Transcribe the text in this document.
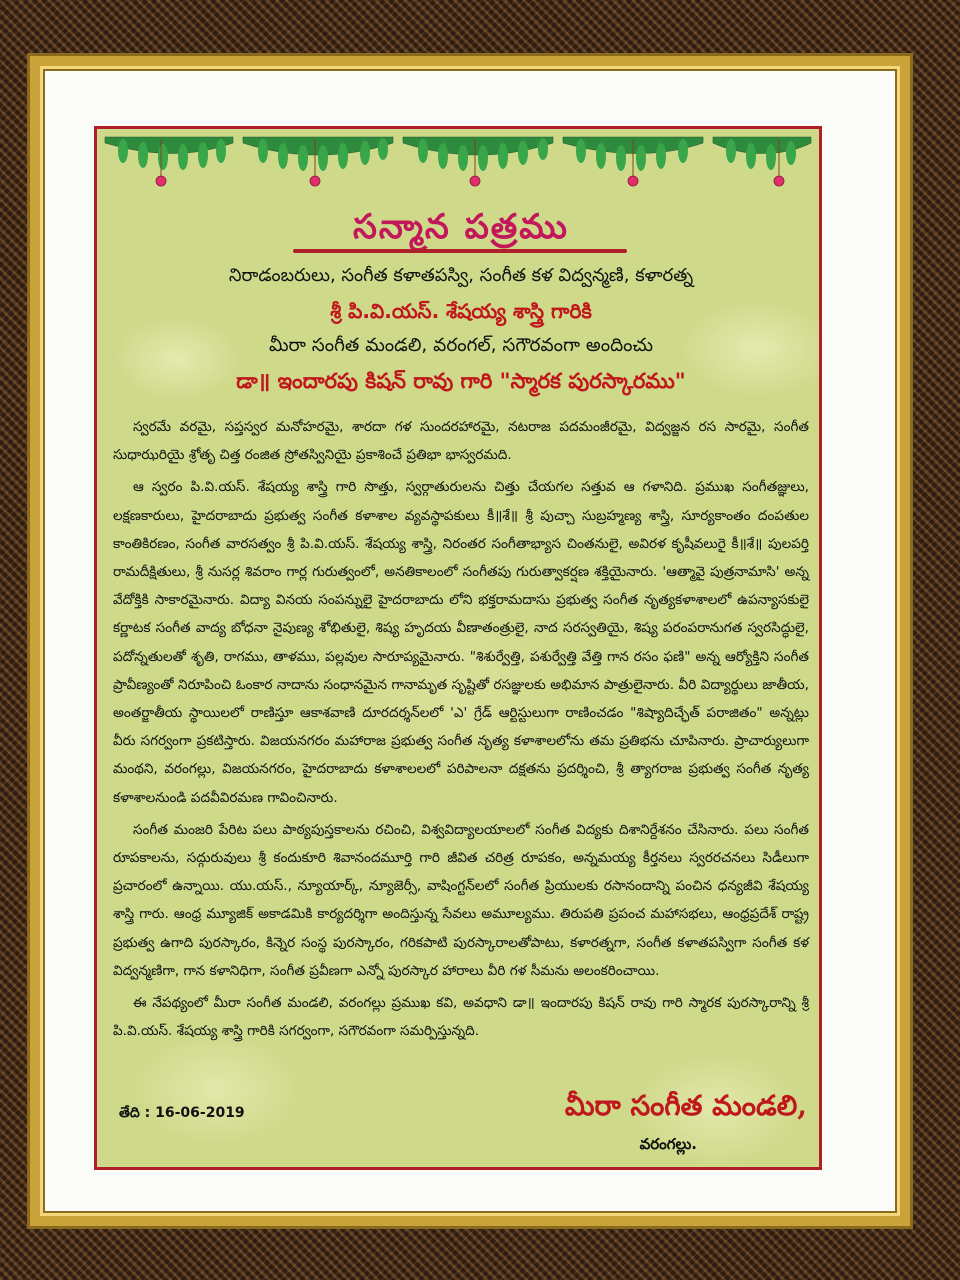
సన్మాన పత్రము
నిరాడంబరులు, సంగీత కళాతపస్వి, సంగీత కళ విద్వన్మణి, కళారత్న
శ్రీ పి.వి.యస్. శేషయ్య శాస్త్రి గారికి
మీరా సంగీత మండలి, వరంగల్, సగౌరవంగా అందించు
డా॥ ఇందారపు కిషన్ రావు గారి "స్మారక పురస్కారము"

స్వరమే వరమై, సప్తస్వర మనోహరమై, శారదా గళ సుందరహారమై, నటరాజ పదమంజీరమై, విద్వజ్జన రస సారమై, సంగీత సుధాఝరియై శ్రోతృ చిత్త రంజిత స్రోతస్వినియై ప్రకాశించే ప్రతిభా భాస్వరమది.

ఆ స్వరం పి.వి.యస్. శేషయ్య శాస్త్రి గారి సొత్తు, స్వర్గాతురులను చిత్తు చేయగల సత్తువ ఆ గళానిది. ప్రముఖ సంగీతజ్ఞులు, లక్షణకారులు, హైదరాబాదు ప్రభుత్వ సంగీత కళాశాల వ్యవస్థాపకులు కీ॥శే॥ శ్రీ పుచ్చా సుబ్రహ్మణ్య శాస్త్రి, సూర్యకాంతం దంపతుల కాంతికిరణం, సంగీత వారసత్వం శ్రీ పి.వి.యస్. శేషయ్య శాస్త్రి, నిరంతర సంగీతాభ్యాస చింతనులై, అవిరళ కృషీవలురై కీ॥శే॥ పులపర్తి రామదీక్షితులు, శ్రీ నుసర్ల శివరాం గార్ల గురుత్వంలో, అనతికాలంలో సంగీతపు గురుత్వాకర్షణ శక్తియైనారు. 'ఆత్మావై పుత్రనామాసి' అన్న వేదోక్తికి సాకారమైనారు. విద్యా వినయ సంపన్నులై హైదరాబాదు లోని భక్తరామదాసు ప్రభుత్వ సంగీత నృత్యకళాశాలలో ఉపన్యాసకులై కర్ణాటక సంగీత వాద్య బోధనా నైపుణ్య శోభితులై, శిష్య హృదయ వీణాతంత్రులై, నాద సరస్వతియై, శిష్య పరంపరానుగత స్వరసిద్ధులై, పదోన్నతులతో శృతి, రాగము, తాళము, పల్లవుల సారూప్యమైనారు. "శిశుర్వేత్తి, పశుర్వేత్తి వేత్తి గాన రసం ఫణి" అన్న ఆర్యోక్తిని సంగీత ప్రావీణ్యంతో నిరూపించి ఓంకార నాదాను సంధానమైన గానామృత సృష్టితో రసజ్ఞులకు అభిమాన పాత్రులైనారు. వీరి విద్యార్థులు జాతీయ, అంతర్జాతీయ స్థాయిలలో రాణిస్తూ ఆకాశవాణి దూరదర్శన్‌లలో 'ఎ' గ్రేడ్ ఆర్టిస్టులుగా రాణించడం "శిష్యాదిచ్ఛేత్ పరాజితం" అన్నట్లు వీరు సగర్వంగా ప్రకటిస్తారు. విజయనగరం మహారాజ ప్రభుత్వ సంగీత నృత్య కళాశాలలోను తమ ప్రతిభను చూపినారు. ప్రాచార్యులుగా మంథని, వరంగల్లు, విజయనగరం, హైదరాబాదు కళాశాలలలో పరిపాలనా దక్షతను ప్రదర్శించి, శ్రీ త్యాగరాజ ప్రభుత్వ సంగీత నృత్య కళాశాలనుండి పదవీవిరమణ గావించినారు.

సంగీత మంజరి పేరిట పలు పాఠ్యపుస్తకాలను రచించి, విశ్వవిద్యాలయాలలో సంగీత విద్యకు దిశానిర్దేశనం చేసినారు. పలు సంగీత రూపకాలను, సద్గురువులు శ్రీ కందుకూరి శివానందమూర్తి గారి జీవిత చరిత్ర రూపకం, అన్నమయ్య కీర్తనలు స్వరరచనలు సిడీలుగా ప్రచారంలో ఉన్నాయి. యు.యస్., న్యూయార్క్, న్యూజెర్సీ, వాషింగ్టన్‌లలో సంగీత ప్రియులకు రసానందాన్ని పంచిన ధన్యజీవి శేషయ్య శాస్త్రి గారు. ఆంధ్ర మ్యూజిక్ అకాడమికి కార్యదర్శిగా అందిస్తున్న సేవలు అమూల్యము. తిరుపతి ప్రపంచ మహాసభలు, ఆంధ్రప్రదేశ్ రాష్ట్ర ప్రభుత్వ ఉగాది పురస్కారం, కిన్నెర సంస్థ పురస్కారం, గరికపాటి పురస్కారాలతోపాటు, కళారత్నగా, సంగీత కళాతపస్విగా సంగీత కళ విద్వన్మణిగా, గాన కళానిధిగా, సంగీత ప్రవీణగా ఎన్నో పురస్కార హారాలు వీరి గళ సీమను అలంకరించాయి.

ఈ నేపథ్యంలో మీరా సంగీత మండలి, వరంగల్లు ప్రముఖ కవి, అవధాని డా॥ ఇందారపు కిషన్ రావు గారి స్మారక పురస్కారాన్ని శ్రీ పి.వి.యస్. శేషయ్య శాస్త్రి గారికి సగర్వంగా, సగౌరవంగా సమర్పిస్తున్నది.

తేది : 16-06-2019	మీరా సంగీత మండలి,
వరంగల్లు.
